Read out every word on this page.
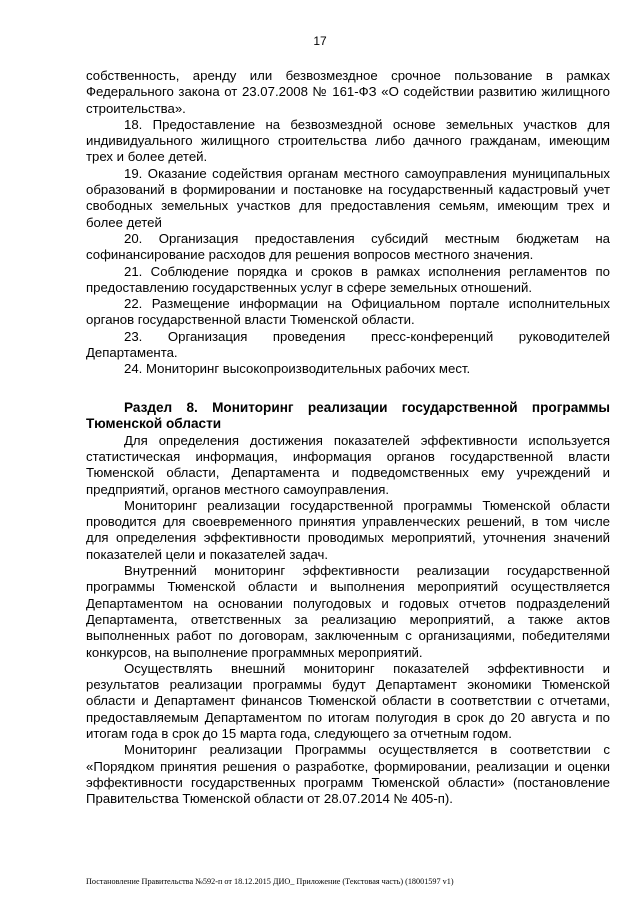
17

собственность, аренду или безвозмездное срочное пользование в рамках Федерального закона от 23.07.2008 № 161-ФЗ «О содействии развитию жилищного строительства».

18. Предоставление на безвозмездной основе земельных участков для индивидуального жилищного строительства либо дачного гражданам, имеющим трех и более детей.

19. Оказание содействия органам местного самоуправления муниципальных образований в формировании и постановке на государственный кадастровый учет свободных земельных участков для предоставления семьям, имеющим трех и более детей

20. Организация предоставления субсидий местным бюджетам на софинансирование расходов для решения вопросов местного значения.

21. Соблюдение порядка и сроков в рамках исполнения регламентов по предоставлению государственных услуг в сфере земельных отношений.

22. Размещение информации на Официальном портале исполнительных органов государственной власти Тюменской области.

23. Организация проведения пресс-конференций руководителей Департамента.

24. Мониторинг высокопроизводительных рабочих мест.

Раздел 8. Мониторинг реализации государственной программы Тюменской области

Для определения достижения показателей эффективности используется статистическая информация, информация органов государственной власти Тюменской области, Департамента и подведомственных ему учреждений и предприятий, органов местного самоуправления.

Мониторинг реализации государственной программы Тюменской области проводится для своевременного принятия управленческих решений, в том числе для определения эффективности проводимых мероприятий, уточнения значений показателей цели и показателей задач.

Внутренний мониторинг эффективности реализации государственной программы Тюменской области и выполнения мероприятий осуществляется Департаментом на основании полугодовых и годовых отчетов подразделений Департамента, ответственных за реализацию мероприятий, а также актов выполненных работ по договорам, заключенным с организациями, победителями конкурсов, на выполнение программных мероприятий.

Осуществлять внешний мониторинг показателей эффективности и результатов реализации программы будут Департамент экономики Тюменской области и Департамент финансов Тюменской области в соответствии с отчетами, предоставляемым Департаментом по итогам полугодия в срок до 20 августа и по итогам года в срок до 15 марта года, следующего за отчетным годом.

Мониторинг реализации Программы осуществляется в соответствии с «Порядком принятия решения о разработке, формировании, реализации и оценки эффективности государственных программ Тюменской области» (постановление Правительства Тюменской области от 28.07.2014 № 405-п).

Постановление Правительства №592-п от 18.12.2015 ДИО_ Приложение (Текстовая часть) (18001597 v1)
